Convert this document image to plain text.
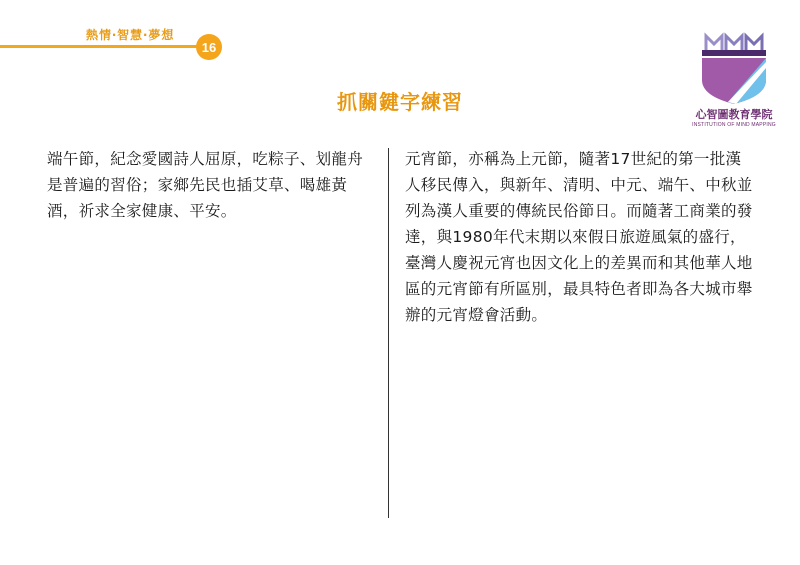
熱情‧智慧‧夢想
16
抓關鍵字練習
心智圖教育學院
INSTITUTION OF MIND MAPPING
端午節，紀念愛國詩人屈原，吃粽子、划龍舟是普遍的習俗；家鄉先民也插艾草、喝雄黃酒，祈求全家健康、平安。
元宵節，亦稱為上元節，隨著17世紀的第一批漢人移民傳入，與新年、清明、中元、端午、中秋並列為漢人重要的傳統民俗節日。而隨著工商業的發達，與1980年代末期以來假日旅遊風氣的盛行，臺灣人慶祝元宵也因文化上的差異而和其他華人地區的元宵節有所區別，最具特色者即為各大城市舉辦的元宵燈會活動。
